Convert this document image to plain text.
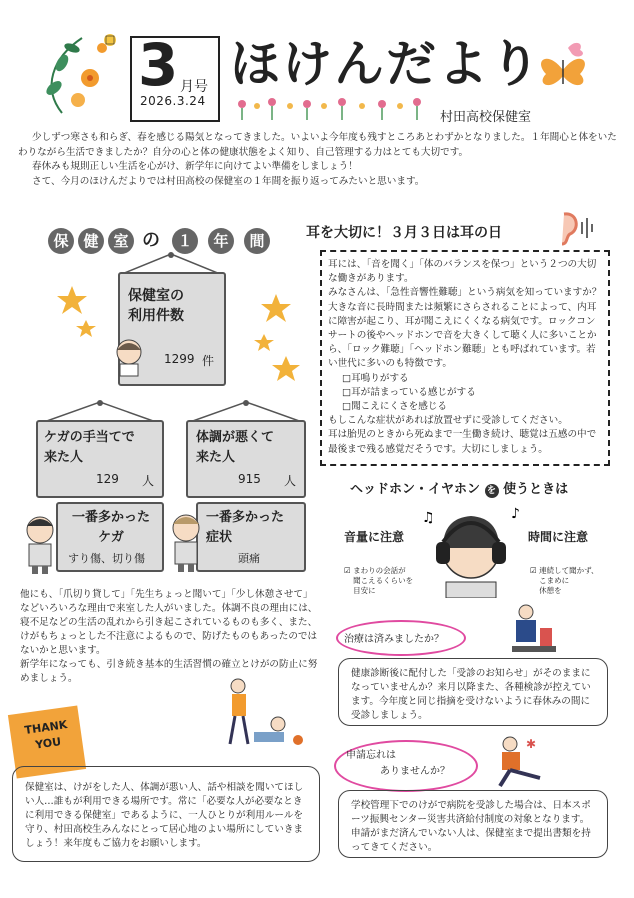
3 月号
2026.3.24
ほけんだより
村田高校保健室

少しずつ寒さも和らぎ、春を感じる陽気となってきました。いよいよ今年度も残すところあとわずかとなりました。１年間心と体をいたわりながら生活できましたか？自分の心と体の健康状態をよく知り、自己管理する力はとても大切です。

春休みも規則正しい生活を心がけ、新学年に向けてよい準備をしましょう！

さて、今月のほけんだよりでは村田高校の保健室の１年間を振り返ってみたいと思います。

保 健 室 の	１	年	間
保健室の
利用件数
1299 件
ケガの手当てで
来た人
129 人
体調が悪くて
来た人
915 人
一番多かった
ケガ
すり傷、切り傷
一番多かった
症状
頭痛
他にも、「爪切り貸して」「先生ちょっと聞いて」「少し休憩させて」などいろいろな理由で来室した人がいました。体調不良の理由には、寝不足などの生活の乱れから引き起こされているものも多く、また、けがもちょっとした不注意によるもので、防げたものもあったのではないかと思います。
新学年になっても、引き続き基本的生活習慣の確立とけがの防止に努めましょう。
THANK YOU
保健室は、けがをした人、体調が悪い人、話や相談を聞いてほしい人…誰もが利用できる場所です。常に「必要な人が必要なときに利用できる保健室」であるように、一人ひとりが利用ルールを守り、村田高校生みんなにとって居心地のよい場所にしていきましょう！来年度もご協力をお願いします。
耳を大切に！３月３日は耳の日
耳には、「音を聞く」「体のバランスを保つ」という２つの大切な働きがあります。
みなさんは、「急性音響性難聴」という病気を知っていますか？大きな音に長時間または頻繁にさらされることによって、内耳に障害が起こり、耳が聞こえにくくなる病気です。ロックコンサートの後やヘッドホンで音を大きくして聴く人に多いことから、「ロック難聴」「ヘッドホン難聴」とも呼ばれています。若い世代に多いのも特徴です。
□耳鳴りがする
□耳が詰まっている感じがする
□聞こえにくさを感じる
もしこんな症状があれば放置せずに受診してください。
耳は胎児のときから死ぬまで一生働き続け、聴覚は五感の中で最後まで残る感覚だそうです。大切にしましょう。
ヘッドホン・イヤホン を 使うときは
音量に注意	時間に注意
♪
♫
☑ まわりの会話が
聞こえるくらいを
目安に
☑ 連続して聞かず、
こまめに
休憩を
治療は済みましたか？
健康診断後に配付した「受診のお知らせ」がそのままになっていませんか？来月以降また、各種検診が控えています。今年度と同じ指摘を受けないように春休みの間に受診しましょう。
申請忘れは
ありませんか？
✱
学校管理下でのけがで病院を受診した場合は、日本スポーツ振興センター災害共済給付制度の対象となります。申請がまだ済んでいない人は、保健室まで提出書類を持ってきてください。
